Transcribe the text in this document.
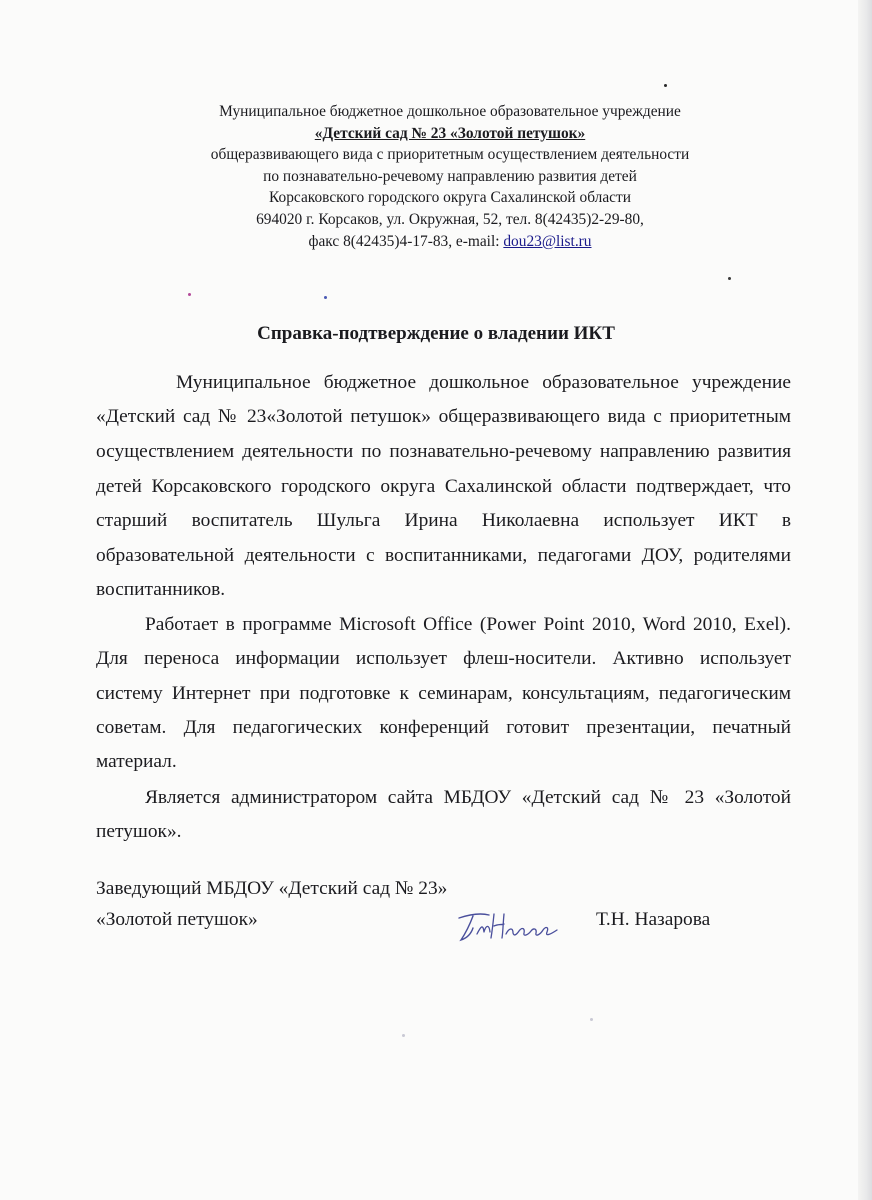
Муниципальное бюджетное дошкольное образовательное учреждение
«Детский сад № 23 «Золотой петушок»
общеразвивающего вида с приоритетным осуществлением деятельности
по познавательно-речевому направлению развития детей
Корсаковского городского округа Сахалинской области
694020 г. Корсаков, ул. Окружная, 52, тел. 8(42435)2-29-80,
факс 8(42435)4-17-83, e-mail: dou23@list.ru
Справка-подтверждение о владении ИКТ
Муниципальное бюджетное дошкольное образовательное учреждение
«Детский сад № 23«Золотой петушок» общеразвивающего вида с приоритетным
осуществлением деятельности по познавательно-речевому направлению развития
детей Корсаковского городского округа Сахалинской области подтверждает, что
старший воспитатель Шульга Ирина Николаевна использует ИКТ в
образовательной деятельности с воспитанниками, педагогами ДОУ, родителями
воспитанников.
Работает в программе Microsoft Office (Power Point 2010, Word 2010, Exel).
Для переноса информации использует флеш-носители. Активно использует
систему Интернет при подготовке к семинарам, консультациям, педагогическим
советам. Для педагогических конференций готовит презентации, печатный
материал.
Является администратором сайта МБДОУ «Детский сад № 23 «Золотой
петушок».
Заведующий МБДОУ «Детский сад № 23»
«Золотой петушок»	Т.Н. Назарова
